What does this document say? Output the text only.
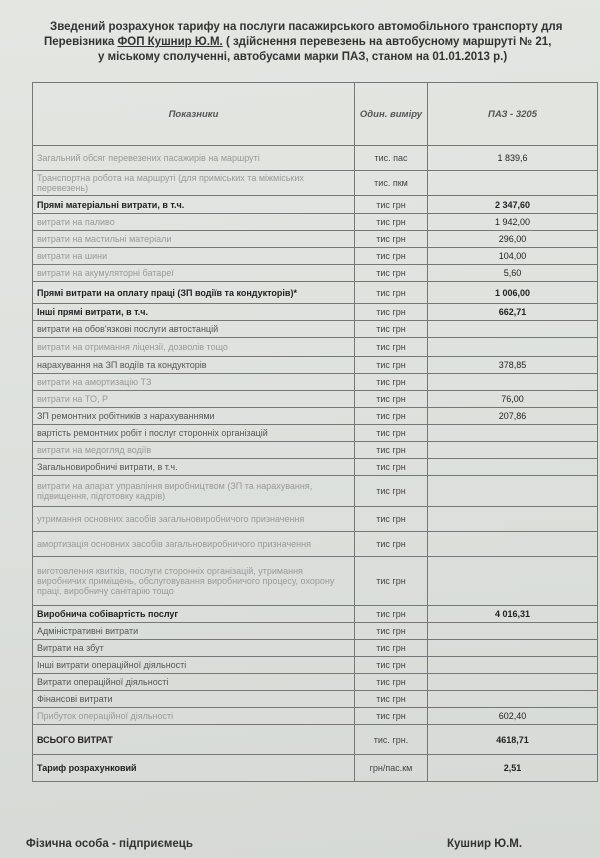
Зведений розрахунок тарифу на послуги пасажирського автомобільного транспорту для
Перевізника ФОП Кушнир Ю.М. ( здійснення перевезень на автобусному маршруті № 21,
у міському сполученні, автобусами марки ПАЗ, станом на 01.01.2013 р.)
Показники	Один. виміру	ПАЗ - 3205
Загальний обсяг перевезених пасажирів на маршруті	тис. пас	1 839,6
Транспортна робота на маршруті (для приміських та міжміських перевезень)	тис. пкм	
Прямі матеріальні витрати, в т.ч.	тис грн	2 347,60
витрати на паливо	тис грн	1 942,00
витрати на мастильні матеріали	тис грн	296,00
витрати на шини	тис грн	104,00
витрати на акумуляторні батареї	тис грн	5,60
Прямі витрати на оплату праці (ЗП водіїв та кондукторів)*	тис грн	1 006,00
Інші прямі витрати, в т.ч.	тис грн	662,71
витрати на обов'язкові послуги автостанцій	тис грн	
витрати на отримання ліцензії, дозволів тощо	тис грн	
нарахування на ЗП водіїв та кондукторів	тис грн	378,85
витрати на амортизацію ТЗ	тис грн	
витрати на ТО, Р	тис грн	76,00
ЗП ремонтних робітників з нарахуваннями	тис грн	207,86
вартість ремонтних робіт і послуг сторонніх організацій	тис грн	
витрати на медогляд водіїв	тис грн	
Загальновиробничі витрати, в т.ч.	тис грн	
витрати на апарат управління виробництвом (ЗП та нарахування, підвищення, підготовку кадрів)	тис грн	
утримання основних засобів загальновиробничого призначення	тис грн	
амортизація основних засобів загальновиробничого призначення	тис грн	
виготовлення квитків, послуги сторонніх організацій, утримання виробничих приміщень, обслуговування виробничого процесу, охорону праці, виробничу санітарію тощо	тис грн	
Виробнича собівартість послуг	тис грн	4 016,31
Адміністративні витрати	тис грн	
Витрати на збут	тис грн	
Інші витрати операційної діяльності	тис грн	
Витрати операційної діяльності	тис грн	
Фінансові витрати	тис грн	
Прибуток операційної діяльності	тис грн	602,40
ВСЬОГО ВИТРАТ	тис. грн.	4618,71
Тариф розрахунковий	грн/пас.км	2,51
Фізична особа - підприємець	Кушнир Ю.М.
